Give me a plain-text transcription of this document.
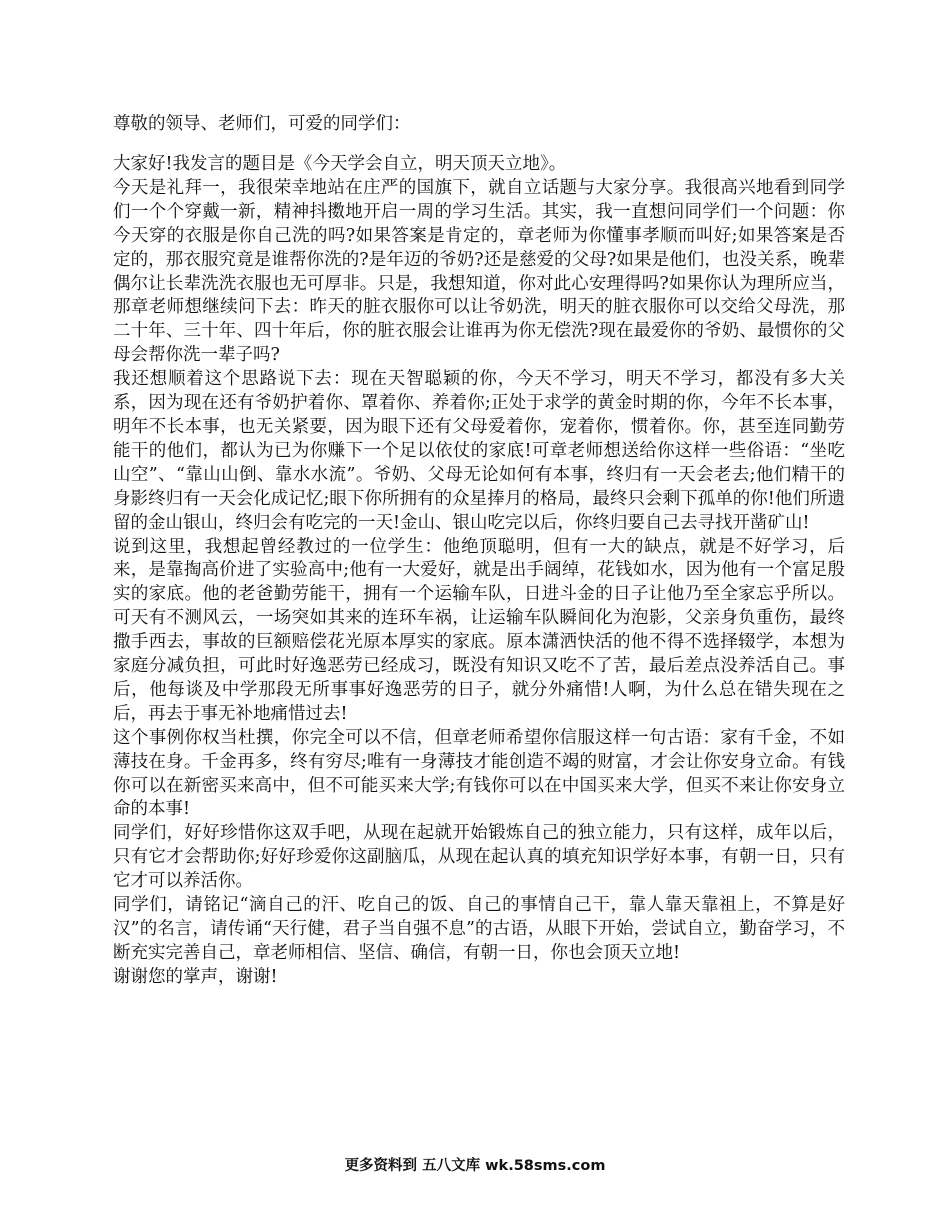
尊敬的领导、老师们，可爱的同学们：

大家好!我发言的题目是《今天学会自立，明天顶天立地》。

今天是礼拜一，我很荣幸地站在庄严的国旗下，就自立话题与大家分享。我很高兴地看到同学们一个个穿戴一新，精神抖擞地开启一周的学习生活。其实，我一直想问同学们一个问题：你今天穿的衣服是你自己洗的吗?如果答案是肯定的，章老师为你懂事孝顺而叫好;如果答案是否定的，那衣服究竟是谁帮你洗的?是年迈的爷奶?还是慈爱的父母?如果是他们，也没关系，晚辈偶尔让长辈洗洗衣服也无可厚非。只是，我想知道，你对此心安理得吗?如果你认为理所应当，那章老师想继续问下去：昨天的脏衣服你可以让爷奶洗，明天的脏衣服你可以交给父母洗，那二十年、三十年、四十年后，你的脏衣服会让谁再为你无偿洗?现在最爱你的爷奶、最惯你的父母会帮你洗一辈子吗?

我还想顺着这个思路说下去：现在天智聪颖的你，今天不学习，明天不学习，都没有多大关系，因为现在还有爷奶护着你、罩着你、养着你;正处于求学的黄金时期的你，今年不长本事，明年不长本事，也无关紧要，因为眼下还有父母爱着你，宠着你，惯着你。你，甚至连同勤劳能干的他们，都认为已为你赚下一个足以依仗的家底!可章老师想送给你这样一些俗语：“坐吃山空”、“靠山山倒、靠水水流”。爷奶、父母无论如何有本事，终归有一天会老去;他们精干的身影终归有一天会化成记忆;眼下你所拥有的众星捧月的格局，最终只会剩下孤单的你!他们所遗留的金山银山，终归会有吃完的一天!金山、银山吃完以后，你终归要自己去寻找开凿矿山!

说到这里，我想起曾经教过的一位学生：他绝顶聪明，但有一大的缺点，就是不好学习，后来，是靠掏高价进了实验高中;他有一大爱好，就是出手阔绰，花钱如水，因为他有一个富足殷实的家底。他的老爸勤劳能干，拥有一个运输车队，日进斗金的日子让他乃至全家忘乎所以。可天有不测风云，一场突如其来的连环车祸，让运输车队瞬间化为泡影，父亲身负重伤，最终撒手西去，事故的巨额赔偿花光原本厚实的家底。原本潇洒快活的他不得不选择辍学，本想为家庭分减负担，可此时好逸恶劳已经成习，既没有知识又吃不了苦，最后差点没养活自己。事后，他每谈及中学那段无所事事好逸恶劳的日子，就分外痛惜!人啊，为什么总在错失现在之后，再去于事无补地痛惜过去!

这个事例你权当杜撰，你完全可以不信，但章老师希望你信服这样一句古语：家有千金，不如薄技在身。千金再多，终有穷尽;唯有一身薄技才能创造不竭的财富，才会让你安身立命。有钱你可以在新密买来高中，但不可能买来大学;有钱你可以在中国买来大学，但买不来让你安身立命的本事!

同学们，好好珍惜你这双手吧，从现在起就开始锻炼自己的独立能力，只有这样，成年以后，只有它才会帮助你;好好珍爱你这副脑瓜，从现在起认真的填充知识学好本事，有朝一日，只有它才可以养活你。

同学们，请铭记“滴自己的汗、吃自己的饭、自己的事情自己干，靠人靠天靠祖上，不算是好汉”的名言，请传诵“天行健，君子当自强不息”的古语，从眼下开始，尝试自立，勤奋学习，不断充实完善自己，章老师相信、坚信、确信，有朝一日，你也会顶天立地!

谢谢您的掌声，谢谢!

更多资料到 五八文库 wk.58sms.com
